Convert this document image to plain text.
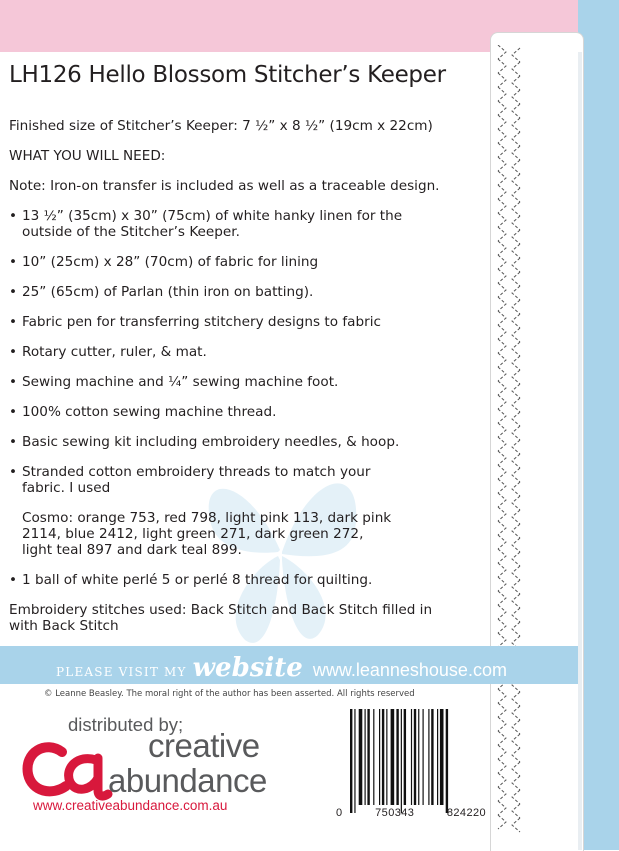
LH126 Hello Blossom Stitcher’s Keeper

Finished size of Stitcher’s Keeper: 7 ½” x 8 ½” (19cm x 22cm)

WHAT YOU WILL NEED:

Note: Iron-on transfer is included as well as a traceable design.

• 13 ½” (35cm) x 30” (75cm) of white hanky linen for the
outside of the Stitcher’s Keeper.
• 10” (25cm) x 28” (70cm) of fabric for lining
• 25” (65cm) of Parlan (thin iron on batting).
• Fabric pen for transferring stitchery designs to fabric
• Rotary cutter, ruler, & mat.
• Sewing machine and ¼” sewing machine foot.
• 100% cotton sewing machine thread.
• Basic sewing kit including embroidery needles, & hoop.
• Stranded cotton embroidery threads to match your
fabric. I used
Cosmo: orange 753, red 798, light pink 113, dark pink
2114, blue 2412, light green 271, dark green 272,
light teal 897 and dark teal 899.
• 1 ball of white perlé 5 or perlé 8 thread for quilting.

Embroidery stitches used: Back Stitch and Back Stitch filled in
with Back Stitch

PLEASE VISIT MY website www.leanneshouse.com
© Leanne Beasley. The moral right of the author has been asserted. All rights reserved
distributed by;
creative
abundance
www.creativeabundance.com.au	0	750343	824220
